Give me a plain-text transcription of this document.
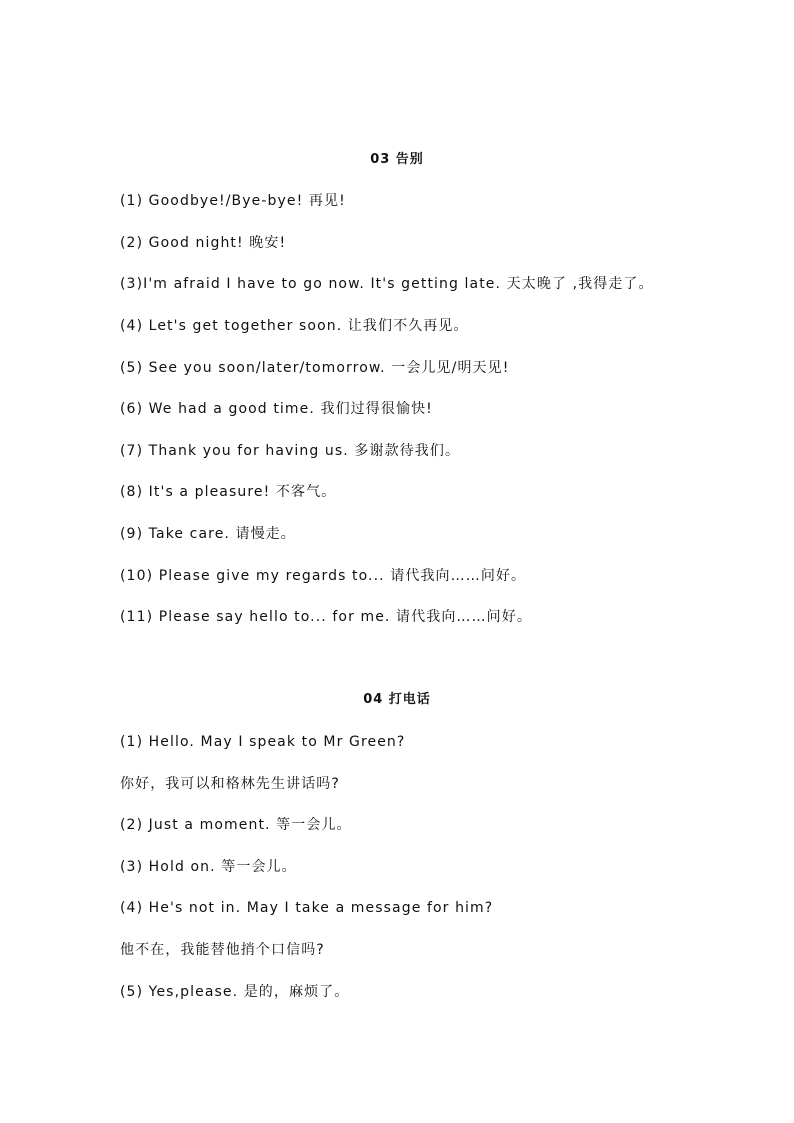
03 告别
(1) Goodbye!/Bye-bye! 再见!
(2) Good night! 晚安!
(3)I'm afraid I have to go now. It's getting late. 天太晚了 ,我得走了。
(4) Let's get together soon. 让我们不久再见。
(5) See you soon/later/tomorrow. 一会儿见/明天见!
(6) We had a good time. 我们过得很愉快!
(7) Thank you for having us. 多谢款待我们。
(8) It's a pleasure! 不客气。
(9) Take care. 请慢走。
(10) Please give my regards to... 请代我向……问好。
(11) Please say hello to... for me. 请代我向……问好。
04 打电话
(1) Hello. May I speak to Mr Green?
你好，我可以和格林先生讲话吗?
(2) Just a moment. 等一会儿。
(3) Hold on. 等一会儿。
(4) He's not in. May I take a message for him?
他不在，我能替他捎个口信吗?
(5) Yes,please. 是的，麻烦了。
